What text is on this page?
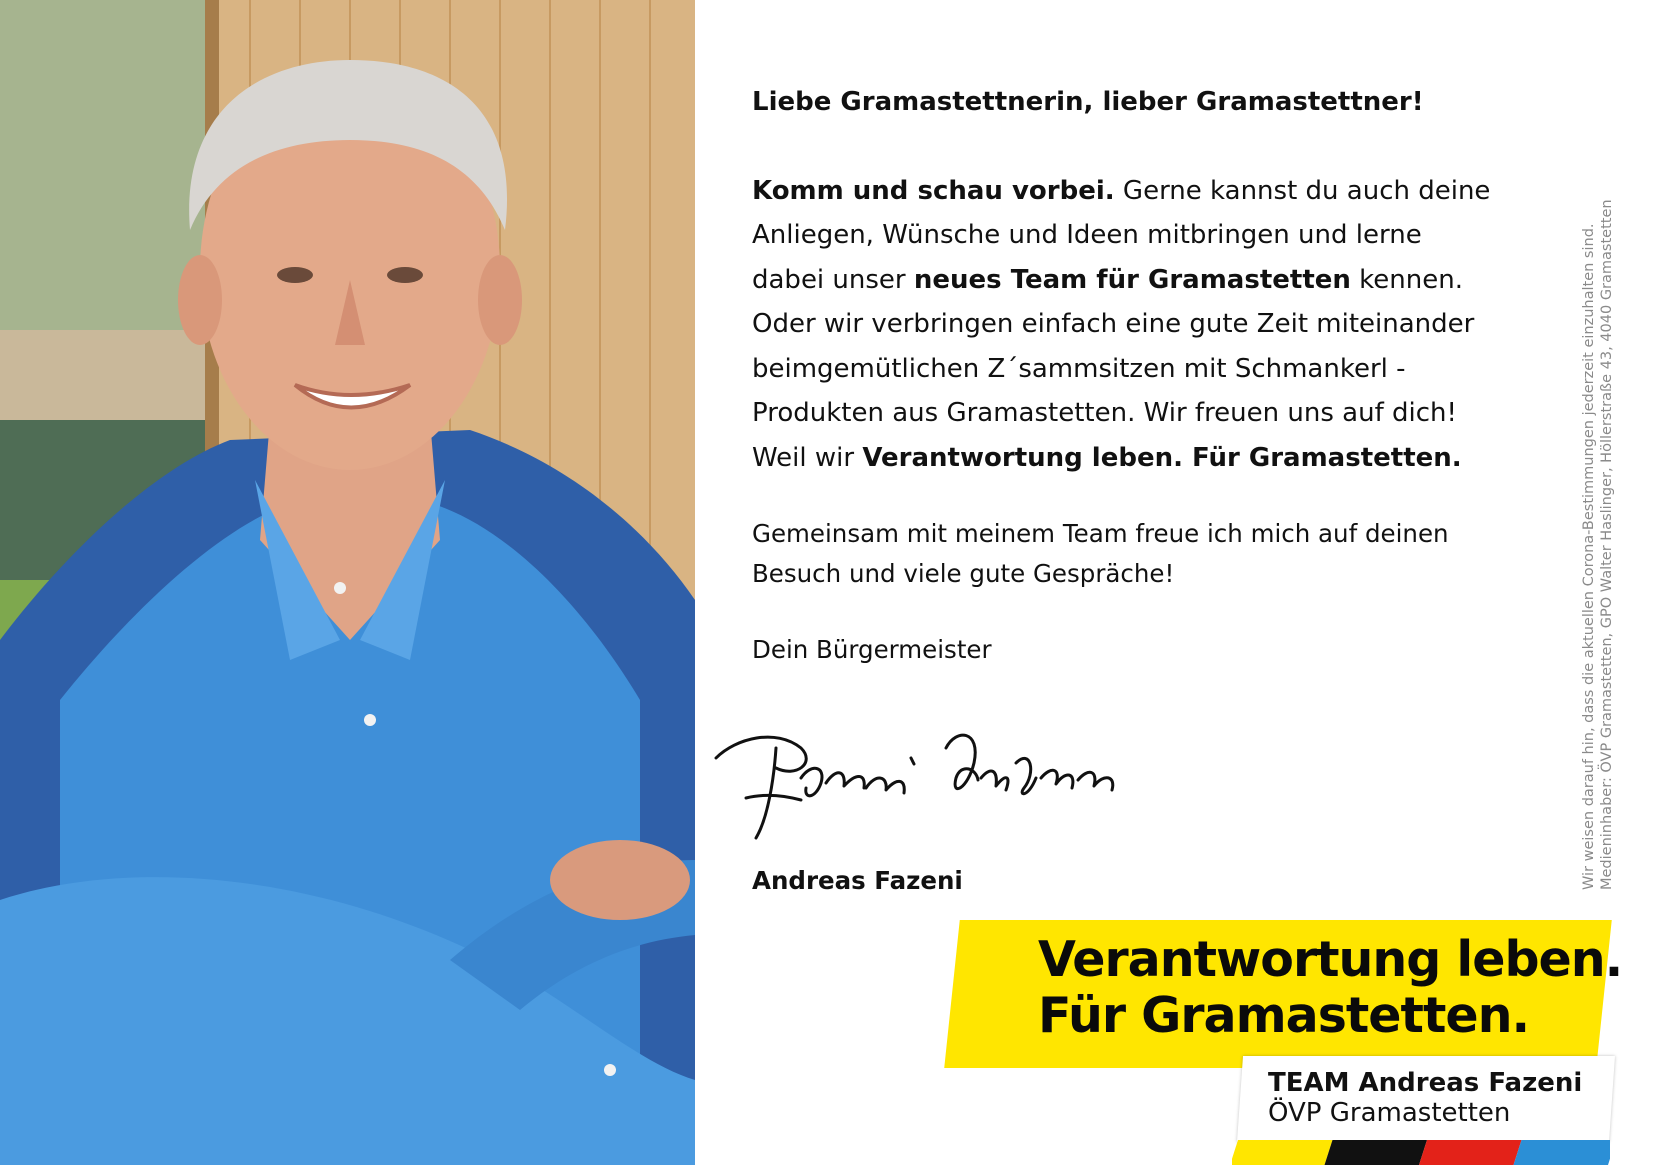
Liebe Gramastettnerin, lieber Gramastettner!

Komm und schau vorbei. Gerne kannst du auch deine Anliegen, Wünsche und Ideen mitbringen und lerne dabei unser neues Team für Gramastetten kennen. Oder wir verbringen einfach eine gute Zeit miteinander beimgemütlichen Z´sammsitzen mit Schmankerl - Produkten aus Gramastetten. Wir freuen uns auf dich! Weil wir Verantwortung leben. Für Gramastetten.

Gemeinsam mit meinem Team freue ich mich auf deinen Besuch und viele gute Gespräche!

Dein Bürgermeister

Andreas Fazeni	Wir weisen darauf hin, dass die aktuellen Corona-Bestimmungen jederzeit einzuhalten sind. Medieninhaber: ÖVP Gramastetten, GPO Walter Haslinger, Höllerstraße 43, 4040 Gramastetten
Verantwortung leben.
Für Gramastetten.
TEAM Andreas Fazeni
ÖVP Gramastetten
